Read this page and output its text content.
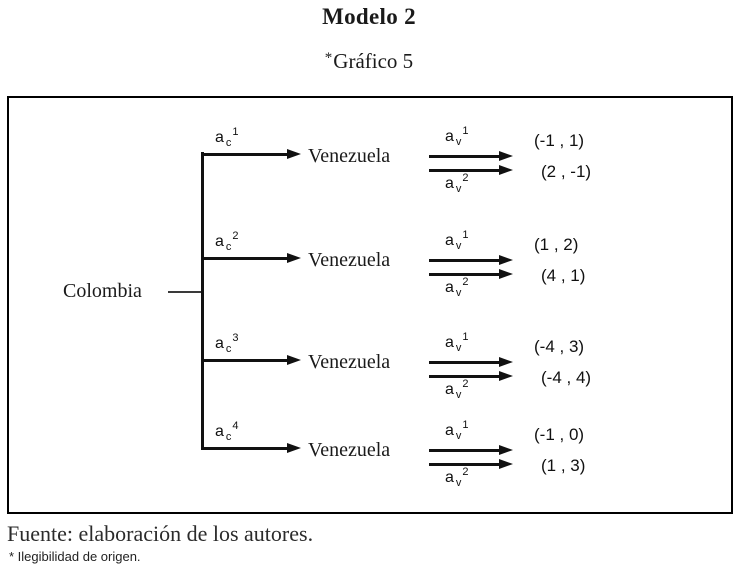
Modelo 2
*Gráfico 5
Colombia
a $_c^1$
Venezuela
a $_v^1$
a $_v^2$
(-1 , 1)
(2 , -1)
a $_c^2$
Venezuela
a $_v^1$
a $_v^2$
(1 , 2)
(4 , 1)
a $_c^3$
Venezuela
a $_v^1$
a $_v^2$
(-4 , 3)
(-4 , 4)
a $_c^4$
Venezuela
a $_v^1$
a $_v^2$
(-1 , 0)
(1 , 3)
Fuente: elaboración de los autores.
* Ilegibilidad de origen.
